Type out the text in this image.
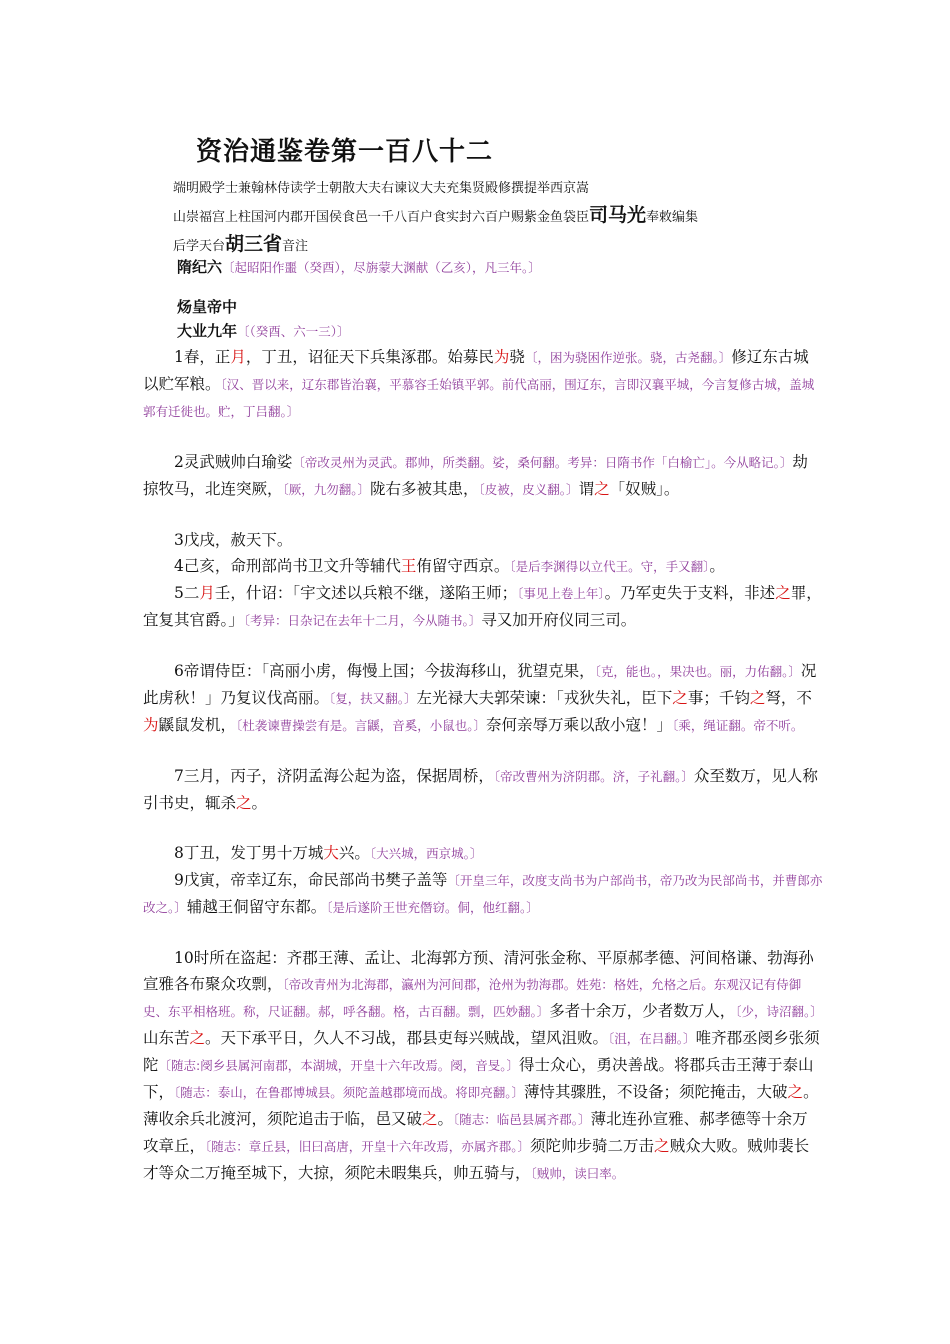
资治通鉴卷第一百八十二
端明殿学士兼翰林侍读学士朝散大夫右谏议大夫充集贤殿修撰提举西京嵩
山崇福宫上柱国河内郡开国侯食邑一千八百户食实封六百户赐紫金鱼袋臣司马光奉敕编集
后学天台胡三省音注
隋纪六〔起昭阳作噩（癸酉），尽旃蒙大渊献（乙亥），凡三年。〕
炀皇帝中
大业九年〔（癸酉、六一三）〕

1春，正月，丁丑，诏征天下兵集涿郡。始募民为骁〔，困为骁困作逆张。骁，古尧翻。〕修辽东古城以贮军粮。〔汉、晋以来，辽东郡皆治襄，平慕容壬始镇平郭。前代高丽，围辽东，言即汉襄平城，今言复修古城，盖城郭有迁徙也。贮，丁吕翻。〕

2灵武贼帅白瑜娑〔帝改灵州为灵武。郡帅，所类翻。娑，桑何翻。考异：日隋书作「白榆亡」。今从略记。〕劫掠牧马，北连突厥，〔厥，九勿翻。〕陇右多被其患，〔皮被，皮义翻。〕谓之「奴贼」。

3戊戌，赦天下。

4己亥，命刑部尚书卫文升等辅代王侑留守西京。〔是后李渊得以立代王。守，手又翻〕。

5二月壬，什诏：「宇文述以兵粮不继，遂陷王师；〔事见上卷上年〕。乃军吏失于支料，非述之罪，宜复其官爵。」〔考异：日杂记在去年十二月，今从随书。〕寻又加开府仪同三司。

6帝谓侍臣：「高丽小虏，侮慢上国；今拔海移山，犹望克果，〔克，能也。，果决也。丽，力佑翻。〕况此虏秋！」乃复议伐高丽。〔复，扶又翻。〕左光禄大夫郭荣谏：「戎狄失礼，臣下之事；千钧之弩，不为鼷鼠发机，〔杜袭谏曹操尝有是。言鼷，音奚，小鼠也。〕奈何亲辱万乘以敌小寇！」〔乘，绳证翻。帝不听。

7三月，丙子，济阴孟海公起为盗，保据周桥，〔帝改曹州为济阴郡。济，子礼翻。〕众至数万，见人称引书史，辄杀之。

8丁丑，发丁男十万城大兴。〔大兴城，西京城。〕

9戊寅，帝幸辽东，命民部尚书樊子盖等〔开皇三年，改度支尚书为户部尚书，帝乃改为民部尚书，并曹郎亦改之。〕辅越王侗留守东都。〔是后遂阶王世充僭窃。侗，他红翻。〕

10时所在盗起：齐郡王薄、孟让、北海郭方预、清河张金称、平原郝孝德、河间格谦、勃海孙宣雅各布聚众攻剽，〔帝改青州为北海郡，瀛州为河间郡，沧州为勃海郡。姓苑：格姓，允格之后。东观汉记有侍御史、东平相格班。称，尺证翻。郝，呼各翻。格，古百翻。剽，匹妙翻。〕多者十余万，少者数万人，〔少，诗沼翻。〕山东苦之。天下承平日，久人不习战，郡县吏每兴贼战，望风沮败。〔沮，在吕翻。〕唯齐郡丞阌乡张须陀〔随志:阌乡县属河南郡，本湖城，开皇十六年改焉。阌，音旻。〕得士众心，勇决善战。将郡兵击王薄于泰山下，〔随志：泰山，在鲁郡博城县。须陀盖越郡境而战。将即亮翻。〕薄恃其骤胜，不设备；须陀掩击，大破之。薄收余兵北渡河，须陀追击于临，邑又破之。〔随志：临邑县属齐郡。〕薄北连孙宣雅、郝孝德等十余万攻章丘，〔随志：章丘县，旧曰高唐，开皇十六年改焉，亦属齐郡。〕须陀帅步骑二万击之贼众大败。贼帅裴长才等众二万掩至城下，大掠，须陀未暇集兵，帅五骑与，〔贼帅，读曰率。
